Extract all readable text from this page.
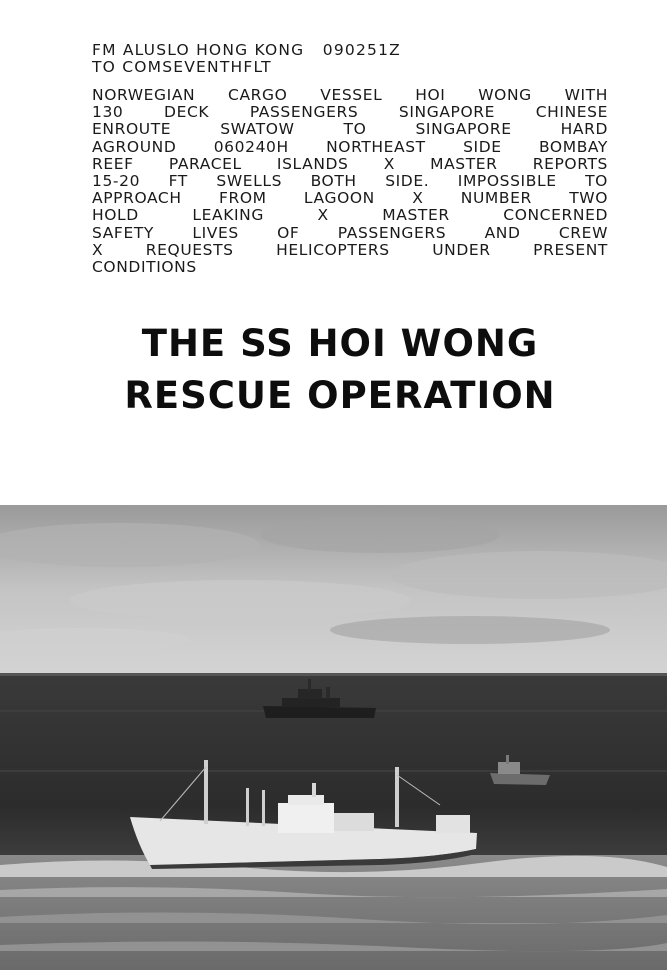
FM ALUSLO HONG KONG   090251Z
TO COMSEVENTHFLT
NORWEGIAN CARGO VESSEL HOI WONG WITH
130 DECK PASSENGERS SINGAPORE CHINESE
ENROUTE SWATOW TO SINGAPORE HARD
AGROUND 060240H NORTHEAST SIDE BOMBAY
REEF PARACEL ISLANDS X MASTER REPORTS
15-20 FT SWELLS BOTH SIDE. IMPOSSIBLE TO
APPROACH FROM LAGOON X NUMBER TWO
HOLD LEAKING X MASTER CONCERNED
SAFETY LIVES OF PASSENGERS AND CREW
X REQUESTS HELICOPTERS UNDER PRESENT
CONDITIONS
THE SS HOI WONG
RESCUE OPERATION
